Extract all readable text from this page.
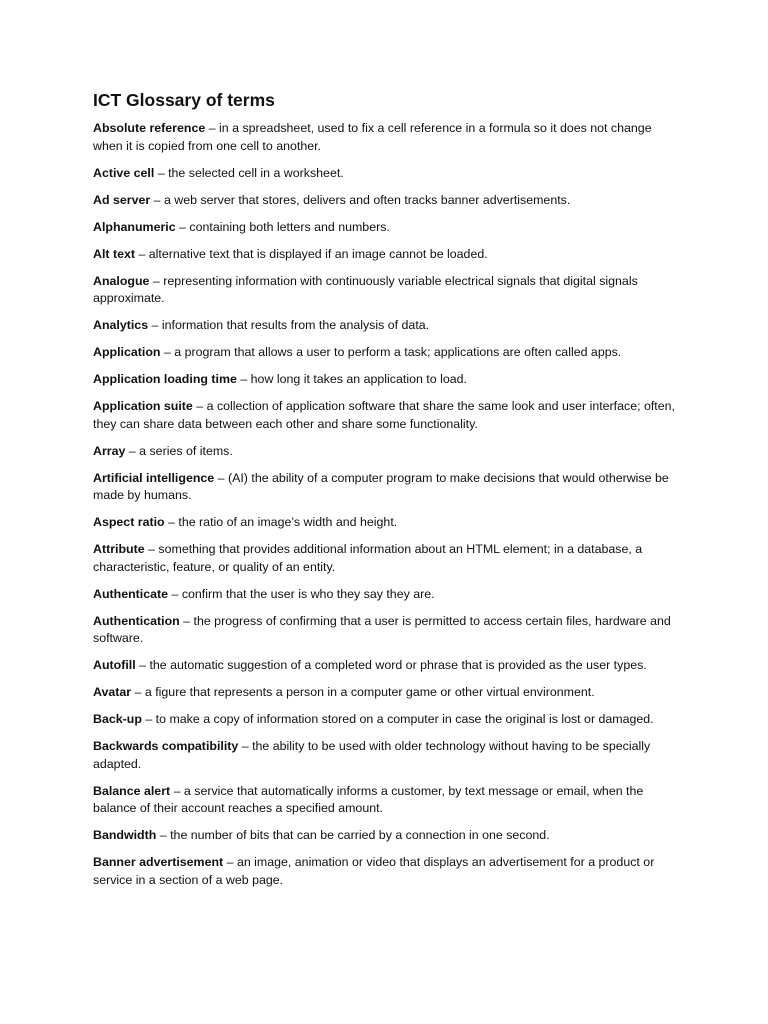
ICT Glossary of terms

Absolute reference – in a spreadsheet, used to fix a cell reference in a formula so it does not change when it is copied from one cell to another.

Active cell – the selected cell in a worksheet.

Ad server – a web server that stores, delivers and often tracks banner advertisements.

Alphanumeric – containing both letters and numbers.

Alt text – alternative text that is displayed if an image cannot be loaded.

Analogue – representing information with continuously variable electrical signals that digital signals approximate.

Analytics – information that results from the analysis of data.

Application – a program that allows a user to perform a task; applications are often called apps.

Application loading time – how long it takes an application to load.

Application suite – a collection of application software that share the same look and user interface; often, they can share data between each other and share some functionality.

Array – a series of items.

Artificial intelligence – (AI) the ability of a computer program to make decisions that would otherwise be made by humans.

Aspect ratio – the ratio of an image’s width and height.

Attribute – something that provides additional information about an HTML element; in a database, a characteristic, feature, or quality of an entity.

Authenticate – confirm that the user is who they say they are.

Authentication – the progress of confirming that a user is permitted to access certain files, hardware and software.

Autofill – the automatic suggestion of a completed word or phrase that is provided as the user types.

Avatar – a figure that represents a person in a computer game or other virtual environment.

Back-up – to make a copy of information stored on a computer in case the original is lost or damaged.

Backwards compatibility – the ability to be used with older technology without having to be specially adapted.

Balance alert – a service that automatically informs a customer, by text message or email, when the balance of their account reaches a specified amount.

Bandwidth – the number of bits that can be carried by a connection in one second.

Banner advertisement – an image, animation or video that displays an advertisement for a product or service in a section of a web page.
